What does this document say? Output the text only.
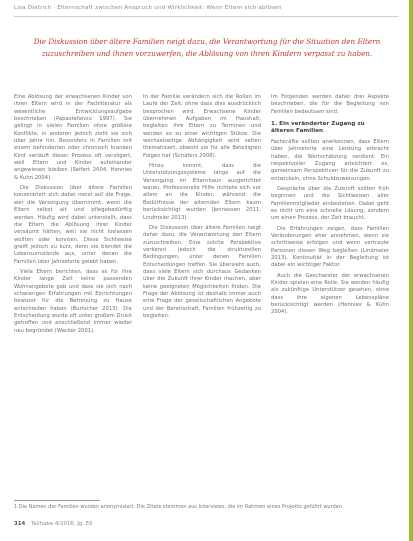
Lisa Dietrich · Elternschaft zwischen Anspruch und Wirklichkeit: Wenn Eltern sich ablösen
Die Diskussion über ältere Familien neigt dazu, die Verantwortung für die Situation den Eltern zuzuschreiben und ihnen vorzuwerfen, die Ablösung von ihren Kindern verpasst zu haben.

Eine Ablösung der erwachsenen Kinder von ihren Eltern wird in der Fachliteratur als wesentliche Entwicklungsaufgabe beschrieben (Papastefanou 1997). Sie gelingt in vielen Familien ohne größere Konflikte, in anderen jedoch zieht sie sich über Jahre hin. Besonders in Familien mit einem behinderten oder chronisch kranken Kind verläuft dieser Prozess oft verzögert, weil Eltern und Kinder aufeinander angewiesen bleiben (Seifert 2004, Hennies & Kuhn 2004).

Die Diskussion über ältere Familien konzentriert sich dabei meist auf die Frage, wer die Versorgung übernimmt, wenn die Eltern selbst alt und pflegebedürftig werden. Häufig wird dabei unterstellt, dass die Eltern die Ablösung ihrer Kinder versäumt hätten, weil sie nicht loslassen wollten oder konnten. Diese Sichtweise greift jedoch zu kurz, denn sie blendet die Lebensumstände aus, unter denen die Familien über Jahrzehnte gelebt haben.

Viele Eltern berichten, dass es für ihre Kinder lange Zeit keine passenden Wohnangebote gab und dass sie sich nach schwierigen Erfahrungen mit Einrichtungen bewusst für die Betreuung zu Hause entschieden haben (Burtscher 2013). Die Entscheidung wurde oft unter großem Druck getroffen und anschließend immer wieder neu begründet (Wacker 2001).

In der Familie verändern sich die Rollen im Laufe der Zeit, ohne dass dies ausdrücklich besprochen wird. Erwachsene Kinder übernehmen Aufgaben im Haushalt, begleiten ihre Eltern zu Terminen und werden so zu einer wichtigen Stütze. Die wechselseitige Abhängigkeit wird selten thematisiert, obwohl sie für alle Beteiligten Folgen hat (Schäfers 2008).

Hinzu kommt, dass die Unterstützungssysteme lange auf die Versorgung im Elternhaus ausgerichtet waren. Professionelle Hilfe richtete sich vor allem an die Kinder, während die Bedürfnisse der alternden Eltern kaum berücksichtigt wurden (Jennessen 2011, Lindmeier 2013).

Die Diskussion über ältere Familien neigt daher dazu, die Verantwortung den Eltern zuzuschreiben. Eine solche Perspektive verkennt jedoch die strukturellen Bedingungen, unter denen Familien Entscheidungen treffen. Sie übersieht auch, dass viele Eltern sich durchaus Gedanken über die Zukunft ihrer Kinder machen, aber keine geeigneten Möglichkeiten finden. Die Frage der Ablösung ist deshalb immer auch eine Frage der gesellschaftlichen Angebote und der Bereitschaft, Familien frühzeitig zu begleiten.

Im Folgenden werden daher drei Aspekte beschrieben, die für die Begleitung von Familien bedeutsam sind.

1. Ein veränderter Zugang zu älteren Familien

Fachkräfte sollten anerkennen, dass Eltern über Jahrzehnte eine Leistung erbracht haben, die Wertschätzung verdient. Ein respektvoller Zugang erleichtert es, gemeinsam Perspektiven für die Zukunft zu entwickeln, ohne Schuldzuweisungen.

Gespräche über die Zukunft sollten früh beginnen und die Sichtweisen aller Familienmitglieder einbeziehen. Dabei geht es nicht um eine schnelle Lösung, sondern um einen Prozess, der Zeit braucht.

Die Erfahrungen zeigen, dass Familien Veränderungen eher annehmen, wenn sie schrittweise erfolgen und wenn vertraute Personen diesen Weg begleiten (Lindmeier 2013). Kontinuität in der Begleitung ist dabei ein wichtiger Faktor.

Auch die Geschwister der erwachsenen Kinder spielen eine Rolle. Sie werden häufig als zukünftige Unterstützer gesehen, ohne dass ihre eigenen Lebenspläne berücksichtigt werden (Hennies & Kuhn 2004).

1 Die Namen der Familien wurden anonymisiert. Die Zitate stammen aus Interviews, die im Rahmen eines Projekts geführt wurden.
314 Teilhabe 4/2016, Jg. 55
